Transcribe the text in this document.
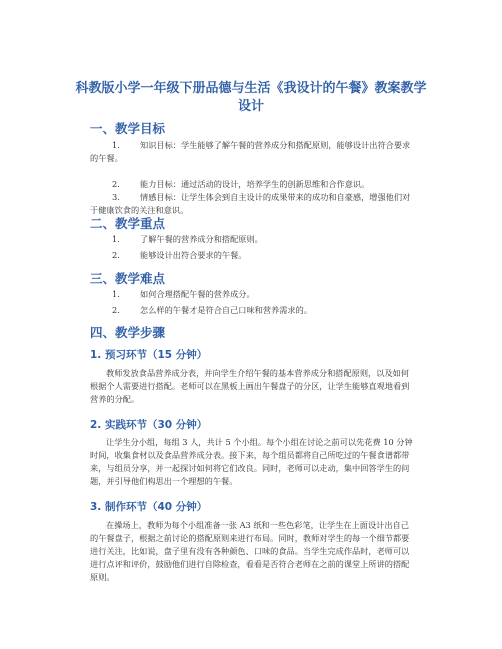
科教版小学一年级下册品德与生活《我设计的午餐》教案教学设计
一、教学目标
1. 知识目标：学生能够了解午餐的营养成分和搭配原则，能够设计出符合要求的午餐。
2. 能力目标：通过活动的设计，培养学生的创新思维和合作意识。
3. 情感目标：让学生体会到自主设计的成果带来的成功和自豪感，增强他们对于健康饮食的关注和意识。
二、教学重点
1. 了解午餐的营养成分和搭配原则。
2. 能够设计出符合要求的午餐。
三、教学难点
1. 如何合理搭配午餐的营养成分。
2. 怎么样的午餐才是符合自己口味和营养需求的。
四、教学步骤
1. 预习环节（15 分钟）
教师发放食品营养成分表，并向学生介绍午餐的基本营养成分和搭配原则，以及如何根据个人需要进行搭配。老师可以在黑板上画出午餐盘子的分区，让学生能够直观地看到营养的分配。
2. 实践环节（30 分钟）
让学生分小组，每组 3 人，共计 5 个小组。每个小组在讨论之前可以先花费 10 分钟时间，收集食材以及食品营养成分表。接下来，每个组员都将自己所吃过的午餐食谱都带来，与组员分享，并一起探讨如何将它们改良。同时，老师可以走动，集中回答学生的问题，并引导他们构思出一个理想的午餐。
3. 制作环节（40 分钟）
在操场上，教师为每个小组准备一张 A3 纸和一些色彩笔，让学生在上面设计出自己的午餐盘子，根据之前讨论的搭配原则来进行布局。同时，教师对学生的每一个细节都要进行关注，比如说，盘子里有没有各种颜色、口味的食品。当学生完成作品时，老师可以进行点评和评价，鼓励他们进行自除检查，看看是否符合老师在之前的课堂上所讲的搭配原则。
